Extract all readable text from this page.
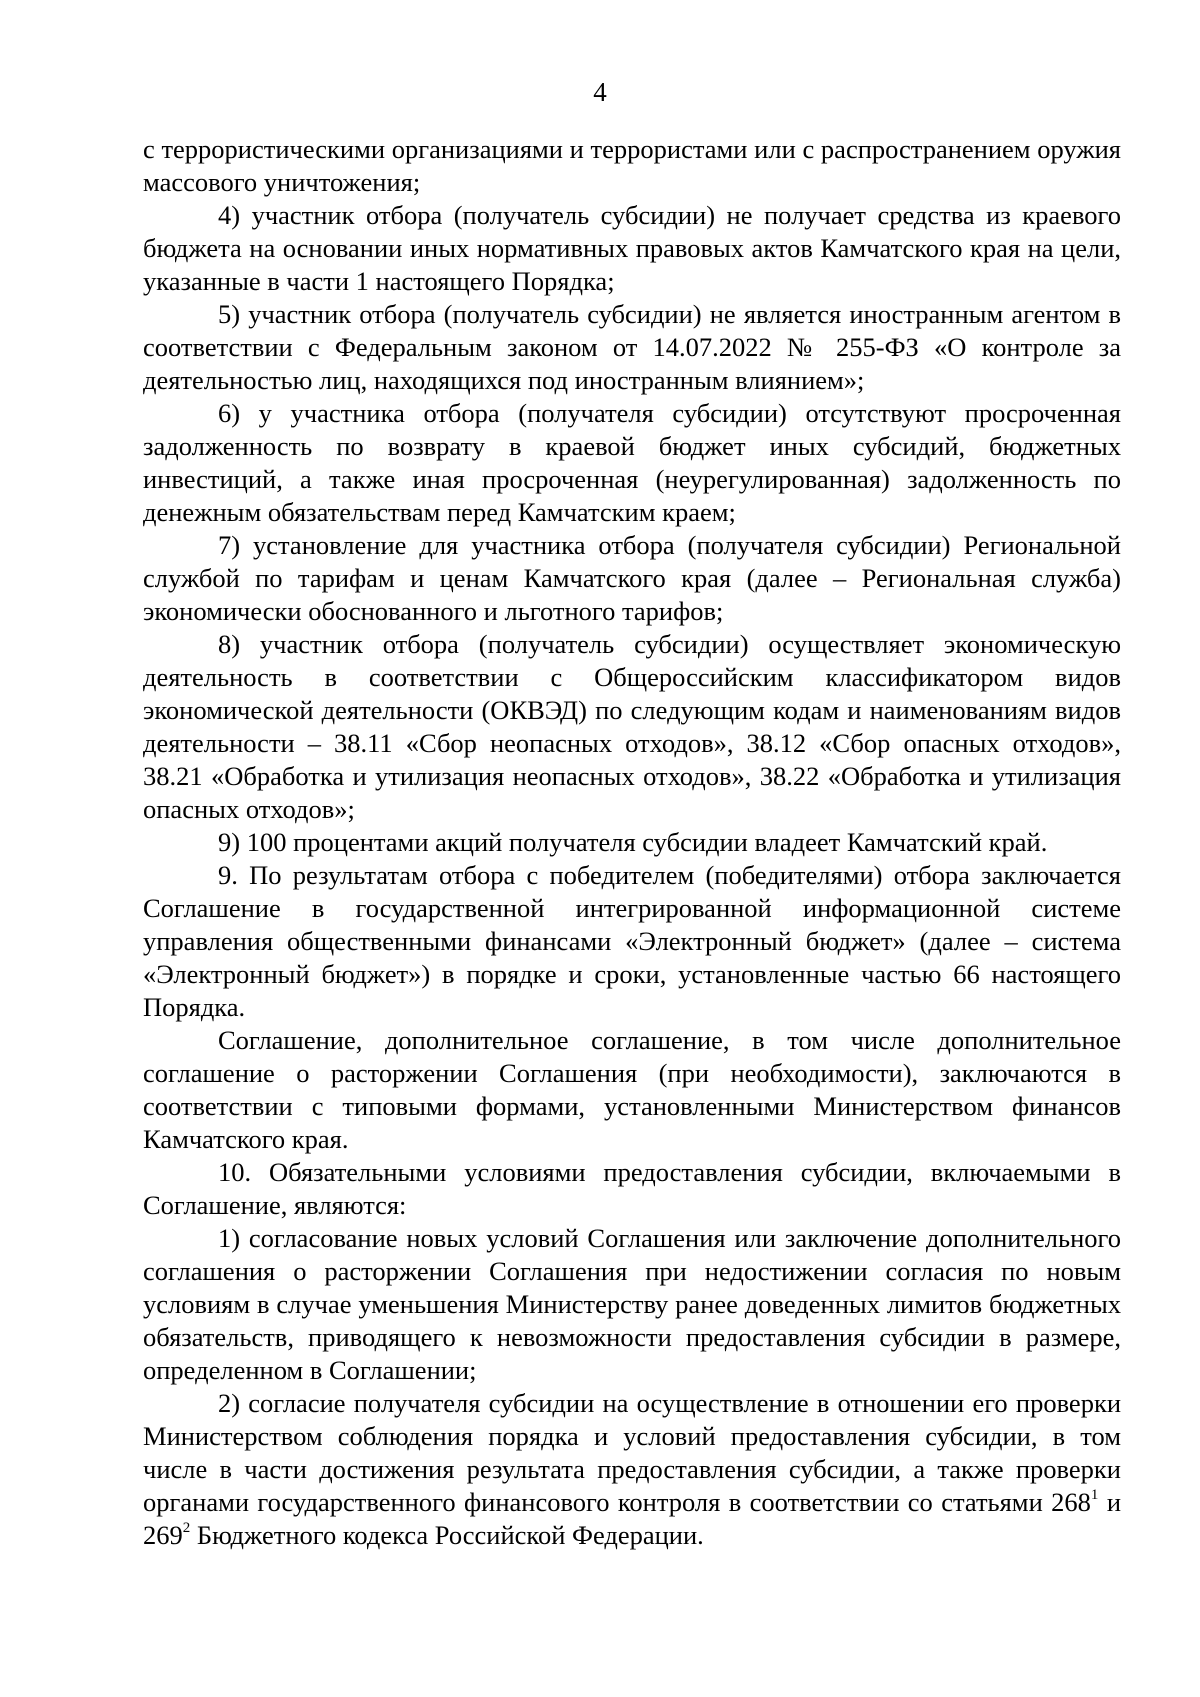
4

с террористическими организациями и террористами или с распространением оружия массового уничтожения;

4) участник отбора (получатель субсидии) не получает средства из краевого бюджета на основании иных нормативных правовых актов Камчатского края на цели, указанные в части 1 настоящего Порядка;

5) участник отбора (получатель субсидии) не является иностранным агентом в соответствии с Федеральным законом от 14.07.2022 № 255-ФЗ «О контроле за деятельностью лиц, находящихся под иностранным влиянием»;

6) у участника отбора (получателя субсидии) отсутствуют просроченная задолженность по возврату в краевой бюджет иных субсидий, бюджетных инвестиций, а также иная просроченная (неурегулированная) задолженность по денежным обязательствам перед Камчатским краем;

7) установление для участника отбора (получателя субсидии) Региональной службой по тарифам и ценам Камчатского края (далее – Региональная служба) экономически обоснованного и льготного тарифов;

8) участник отбора (получатель субсидии) осуществляет экономическую деятельность в соответствии с Общероссийским классификатором видов экономической деятельности (ОКВЭД) по следующим кодам и наименованиям видов деятельности – 38.11 «Сбор неопасных отходов», 38.12 «Сбор опасных отходов», 38.21 «Обработка и утилизация неопасных отходов», 38.22 «Обработка и утилизация опасных отходов»;

9) 100 процентами акций получателя субсидии владеет Камчатский край.

9. По результатам отбора с победителем (победителями) отбора заключается Соглашение в государственной интегрированной информационной системе управления общественными финансами «Электронный бюджет» (далее – система «Электронный бюджет») в порядке и сроки, установленные частью 66 настоящего Порядка.

Соглашение, дополнительное соглашение, в том числе дополнительное соглашение о расторжении Соглашения (при необходимости), заключаются в соответствии с типовыми формами, установленными Министерством финансов Камчатского края.

10. Обязательными условиями предоставления субсидии, включаемыми в Соглашение, являются:

1) согласование новых условий Соглашения или заключение дополнительного соглашения о расторжении Соглашения при недостижении согласия по новым условиям в случае уменьшения Министерству ранее доведенных лимитов бюджетных обязательств, приводящего к невозможности предоставления субсидии в размере, определенном в Соглашении;

2) согласие получателя субсидии на осуществление в отношении его проверки Министерством соблюдения порядка и условий предоставления субсидии, в том числе в части достижения результата предоставления субсидии, а также проверки органами государственного финансового контроля в соответствии со статьями $268^1$ и $269^2$ Бюджетного кодекса Российской Федерации.
